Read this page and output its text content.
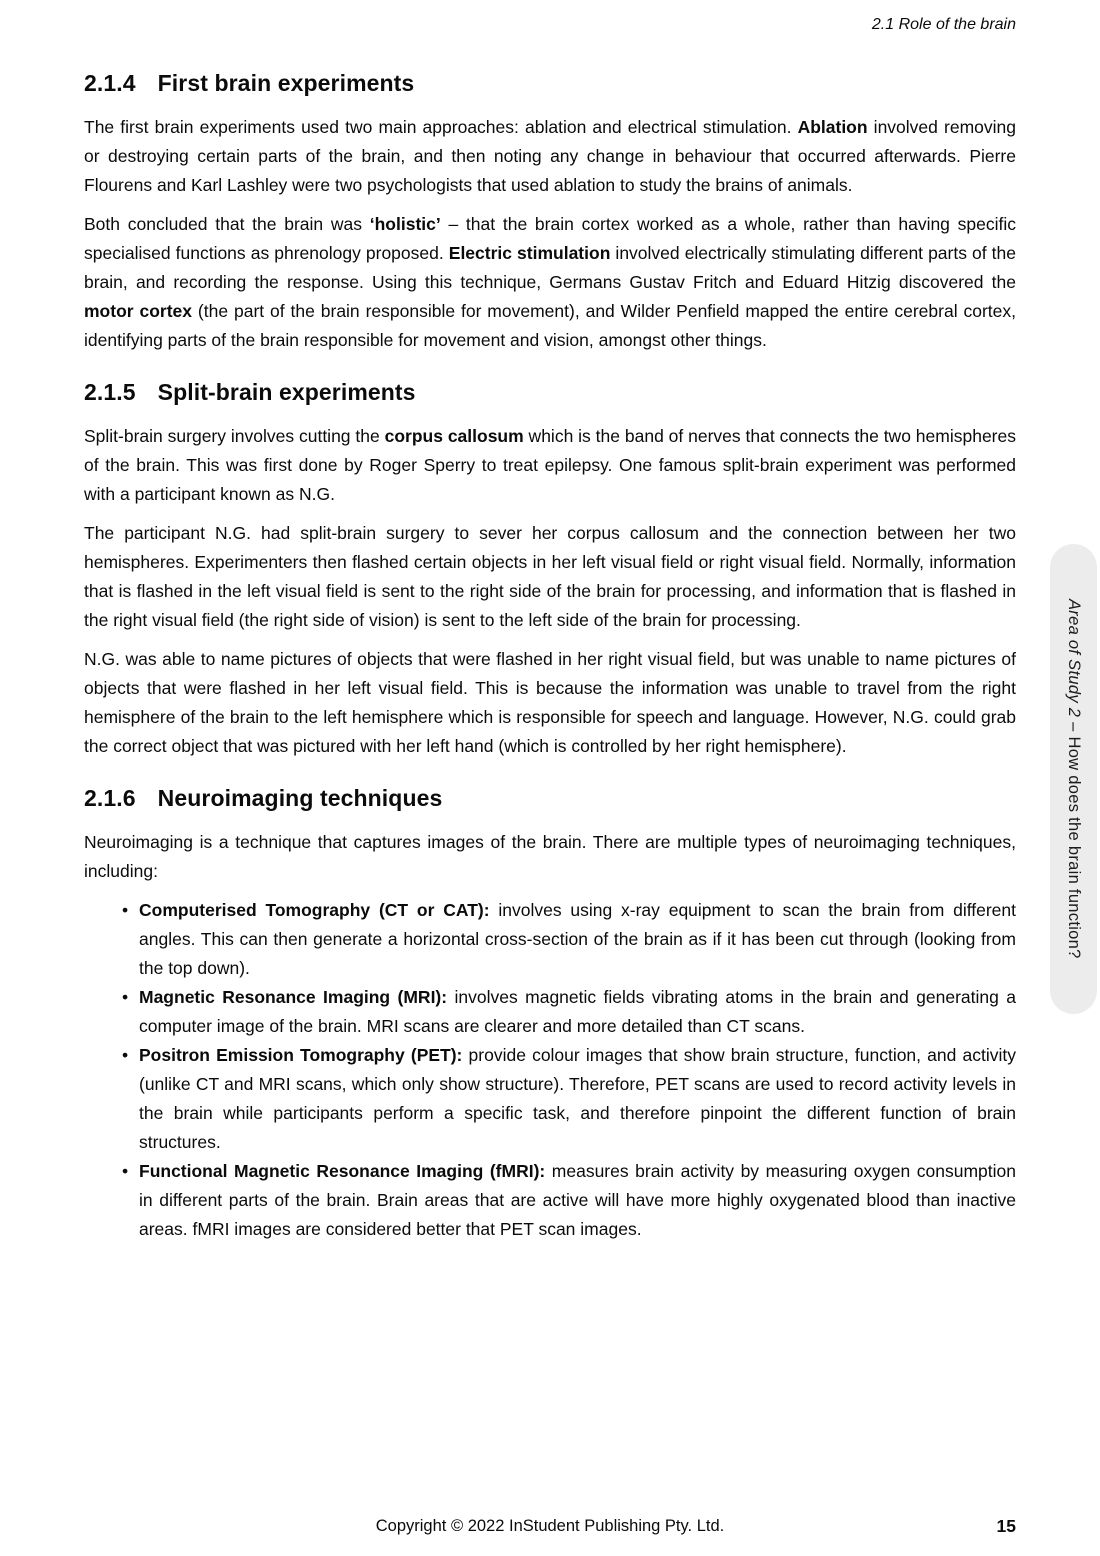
2.1 Role of the brain
2.1.4 First brain experiments

The first brain experiments used two main approaches: ablation and electrical stimulation. Ablation involved removing or destroying certain parts of the brain, and then noting any change in behaviour that occurred afterwards. Pierre Flourens and Karl Lashley were two psychologists that used ablation to study the brains of animals.

Both concluded that the brain was ‘holistic’ – that the brain cortex worked as a whole, rather than having specific specialised functions as phrenology proposed. Electric stimulation involved electrically stimulating different parts of the brain, and recording the response. Using this technique, Germans Gustav Fritch and Eduard Hitzig discovered the motor cortex (the part of the brain responsible for movement), and Wilder Penfield mapped the entire cerebral cortex, identifying parts of the brain responsible for movement and vision, amongst other things.

2.1.5 Split-brain experiments

Split-brain surgery involves cutting the corpus callosum which is the band of nerves that connects the two hemispheres of the brain. This was first done by Roger Sperry to treat epilepsy. One famous split-brain experiment was performed with a participant known as N.G.

The participant N.G. had split-brain surgery to sever her corpus callosum and the connection between her two hemispheres. Experimenters then flashed certain objects in her left visual field or right visual field. Normally, information that is flashed in the left visual field is sent to the right side of the brain for processing, and information that is flashed in the right visual field (the right side of vision) is sent to the left side of the brain for processing.

N.G. was able to name pictures of objects that were flashed in her right visual field, but was unable to name pictures of objects that were flashed in her left visual field. This is because the information was unable to travel from the right hemisphere of the brain to the left hemisphere which is responsible for speech and language. However, N.G. could grab the correct object that was pictured with her left hand (which is controlled by her right hemisphere).

2.1.6 Neuroimaging techniques

Neuroimaging is a technique that captures images of the brain. There are multiple types of neuroimaging techniques, including:

• Computerised Tomography (CT or CAT): involves using x-ray equipment to scan the brain from different angles. This can then generate a horizontal cross-section of the brain as if it has been cut through (looking from the top down).
• Magnetic Resonance Imaging (MRI): involves magnetic fields vibrating atoms in the brain and generating a computer image of the brain. MRI scans are clearer and more detailed than CT scans.
• Positron Emission Tomography (PET): provide colour images that show brain structure, function, and activity (unlike CT and MRI scans, which only show structure). Therefore, PET scans are used to record activity levels in the brain while participants perform a specific task, and therefore pinpoint the different function of brain structures.
• Functional Magnetic Resonance Imaging (fMRI): measures brain activity by measuring oxygen consumption in different parts of the brain. Brain areas that are active will have more highly oxygenated blood than inactive areas. fMRI images are considered better that PET scan images.
Area of Study 2 – How does the brain function?
Copyright © 2022 InStudent Publishing Pty. Ltd.	15
